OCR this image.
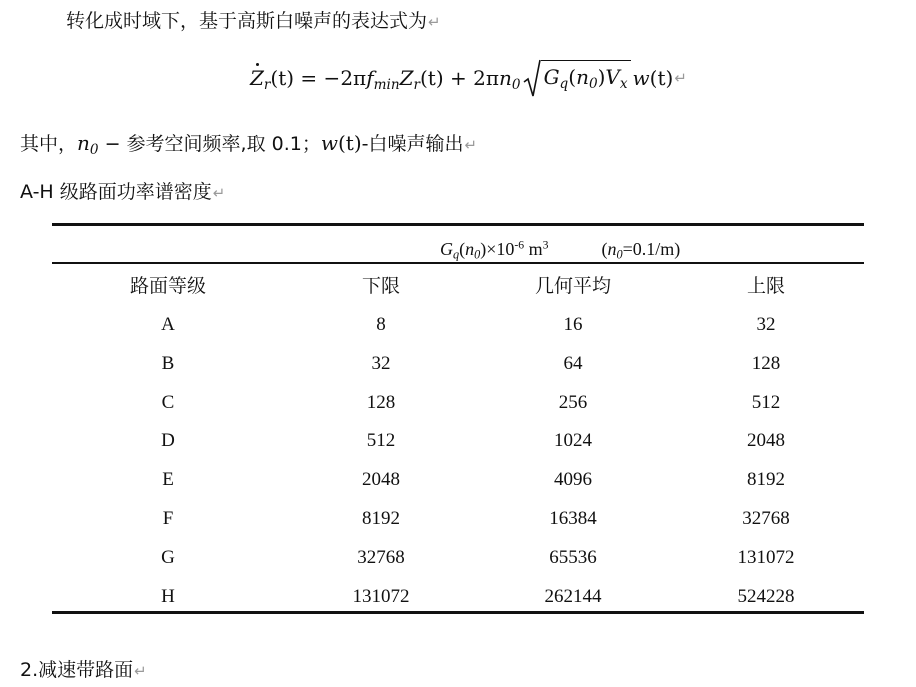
转化成时域下，基于高斯白噪声的表达式为↵
$Z_r(t)$ = − $2\pi f_{min}Z_r(t) + 2\pi n_0$ $G_q(n_0)V_x$ w(t) ↵
其中，$n_0$ − 参考空间频率,取 0.1；w(t)-白噪声输出↵
A-H 级路面功率谱密度↵
$G_q(n_0)\times 10^{-6}$ $m^3$	$(n_0=0.1/m)$
路面等级	下限	几何平均	上限
A	8	16	32
B	32	64	128
C	128	256	512
D	512	1024	2048
E	2048	4096	8192
F	8192	16384	32768
G	32768	65536	131072
H	131072	262144	524228
2.减速带路面↵
